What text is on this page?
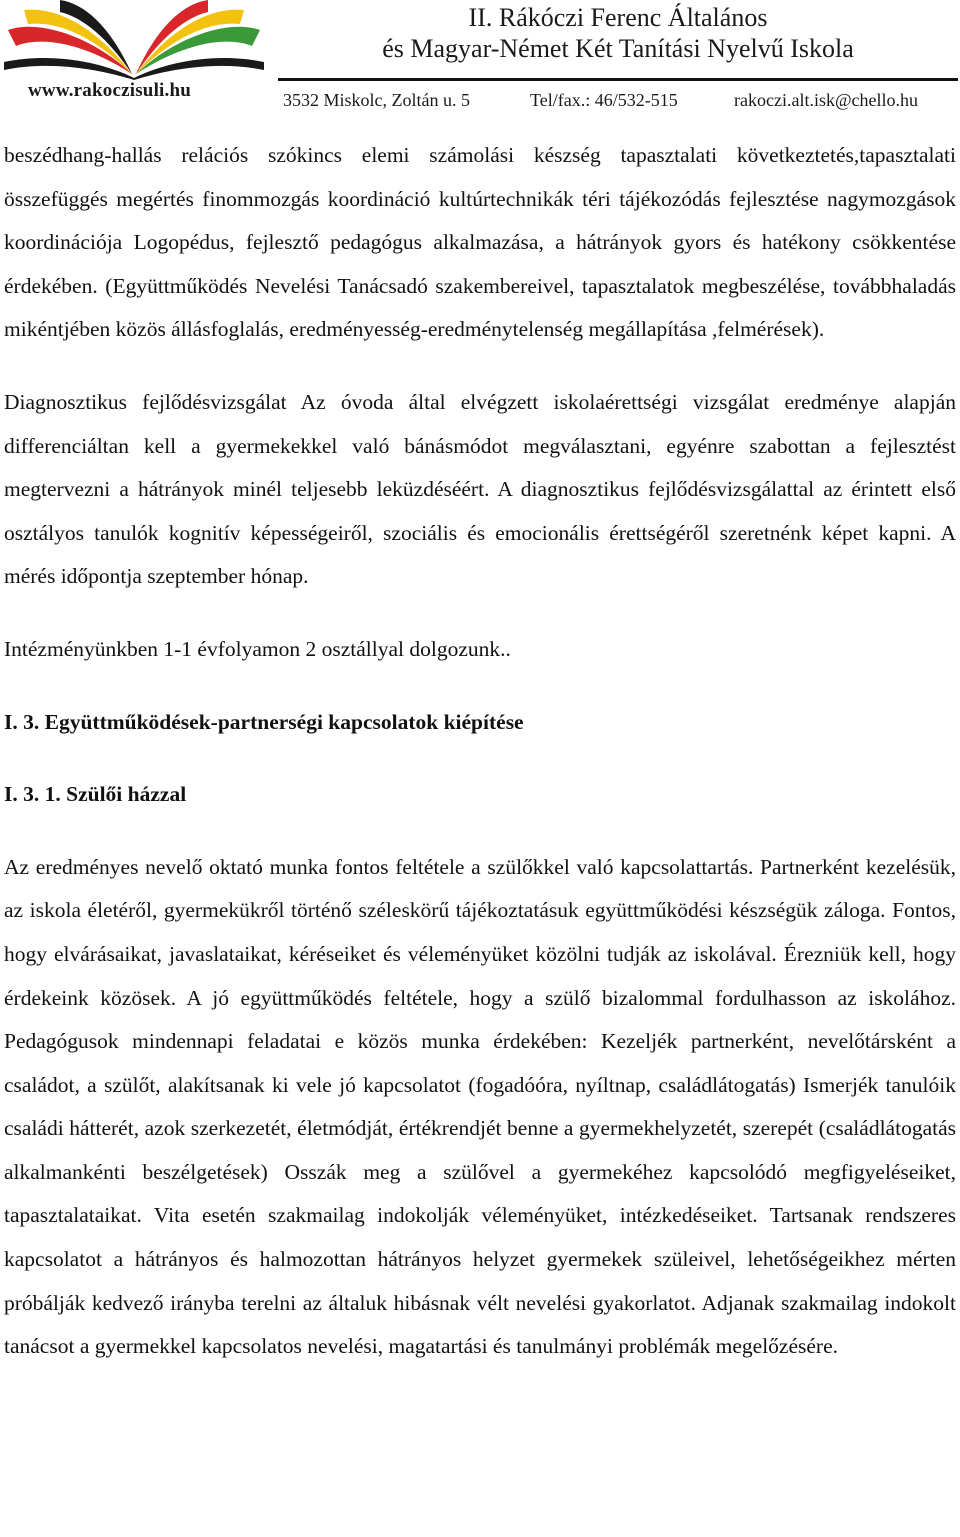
www.rakoczisuli.hu
II. Rákóczi Ferenc Általános
és Magyar-Német Két Tanítási Nyelvű Iskola
3532 Miskolc, Zoltán u. 5	Tel/fax.: 46/532-515	rakoczi.alt.isk@chello.hu

beszédhang-hallás relációs szókincs elemi számolási készség tapasztalati következtetés,tapasztalati összefüggés megértés finommozgás koordináció kultúrtechnikák téri tájékozódás fejlesztése nagymozgások koordinációja Logopédus, fejlesztő pedagógus alkalmazása, a hátrányok gyors és hatékony csökkentése érdekében. (Együttműködés Nevelési Tanácsadó szakembereivel, tapasztalatok megbeszélése, továbbhaladás mikéntjében közös állásfoglalás, eredményesség-eredménytelenség megállapítása ,felmérések).

Diagnosztikus fejlődésvizsgálat Az óvoda által elvégzett iskolaérettségi vizsgálat eredménye alapján differenciáltan kell a gyermekekkel való bánásmódot megválasztani, egyénre szabottan a fejlesztést megtervezni a hátrányok minél teljesebb leküzdéséért. A diagnosztikus fejlődésvizsgálattal az érintett első osztályos tanulók kognitív képességeiről, szociális és emocionális érettségéről szeretnénk képet kapni. A mérés időpontja szeptember hónap.

Intézményünkben 1-1 évfolyamon 2 osztállyal dolgozunk..

I. 3. Együttműködések-partnerségi kapcsolatok kiépítése

I. 3. 1. Szülői házzal

Az eredményes nevelő oktató munka fontos feltétele a szülőkkel való kapcsolattartás. Partnerként kezelésük, az iskola életéről, gyermekükről történő széleskörű tájékoztatásuk együttműködési készségük záloga. Fontos, hogy elvárásaikat, javaslataikat, kéréseiket és véleményüket közölni tudják az iskolával. Érezniük kell, hogy érdekeink közösek. A jó együttműködés feltétele, hogy a szülő bizalommal fordulhasson az iskolához. Pedagógusok mindennapi feladatai e közös munka érdekében: Kezeljék partnerként, nevelőtársként a családot, a szülőt, alakítsanak ki vele jó kapcsolatot (fogadóóra, nyíltnap, családlátogatás) Ismerjék tanulóik családi hátterét, azok szerkezetét, életmódját, értékrendjét benne a gyermekhelyzetét, szerepét (családlátogatás alkalmankénti beszélgetések) Osszák meg a szülővel a gyermekéhez kapcsolódó megfigyeléseiket, tapasztalataikat. Vita esetén szakmailag indokolják véleményüket, intézkedéseiket. Tartsanak rendszeres kapcsolatot a hátrányos és halmozottan hátrányos helyzet gyermekek szüleivel, lehetőségeikhez mérten próbálják kedvező irányba terelni az általuk hibásnak vélt nevelési gyakorlatot. Adjanak szakmailag indokolt tanácsot a gyermekkel kapcsolatos nevelési, magatartási és tanulmányi problémák megelőzésére.
